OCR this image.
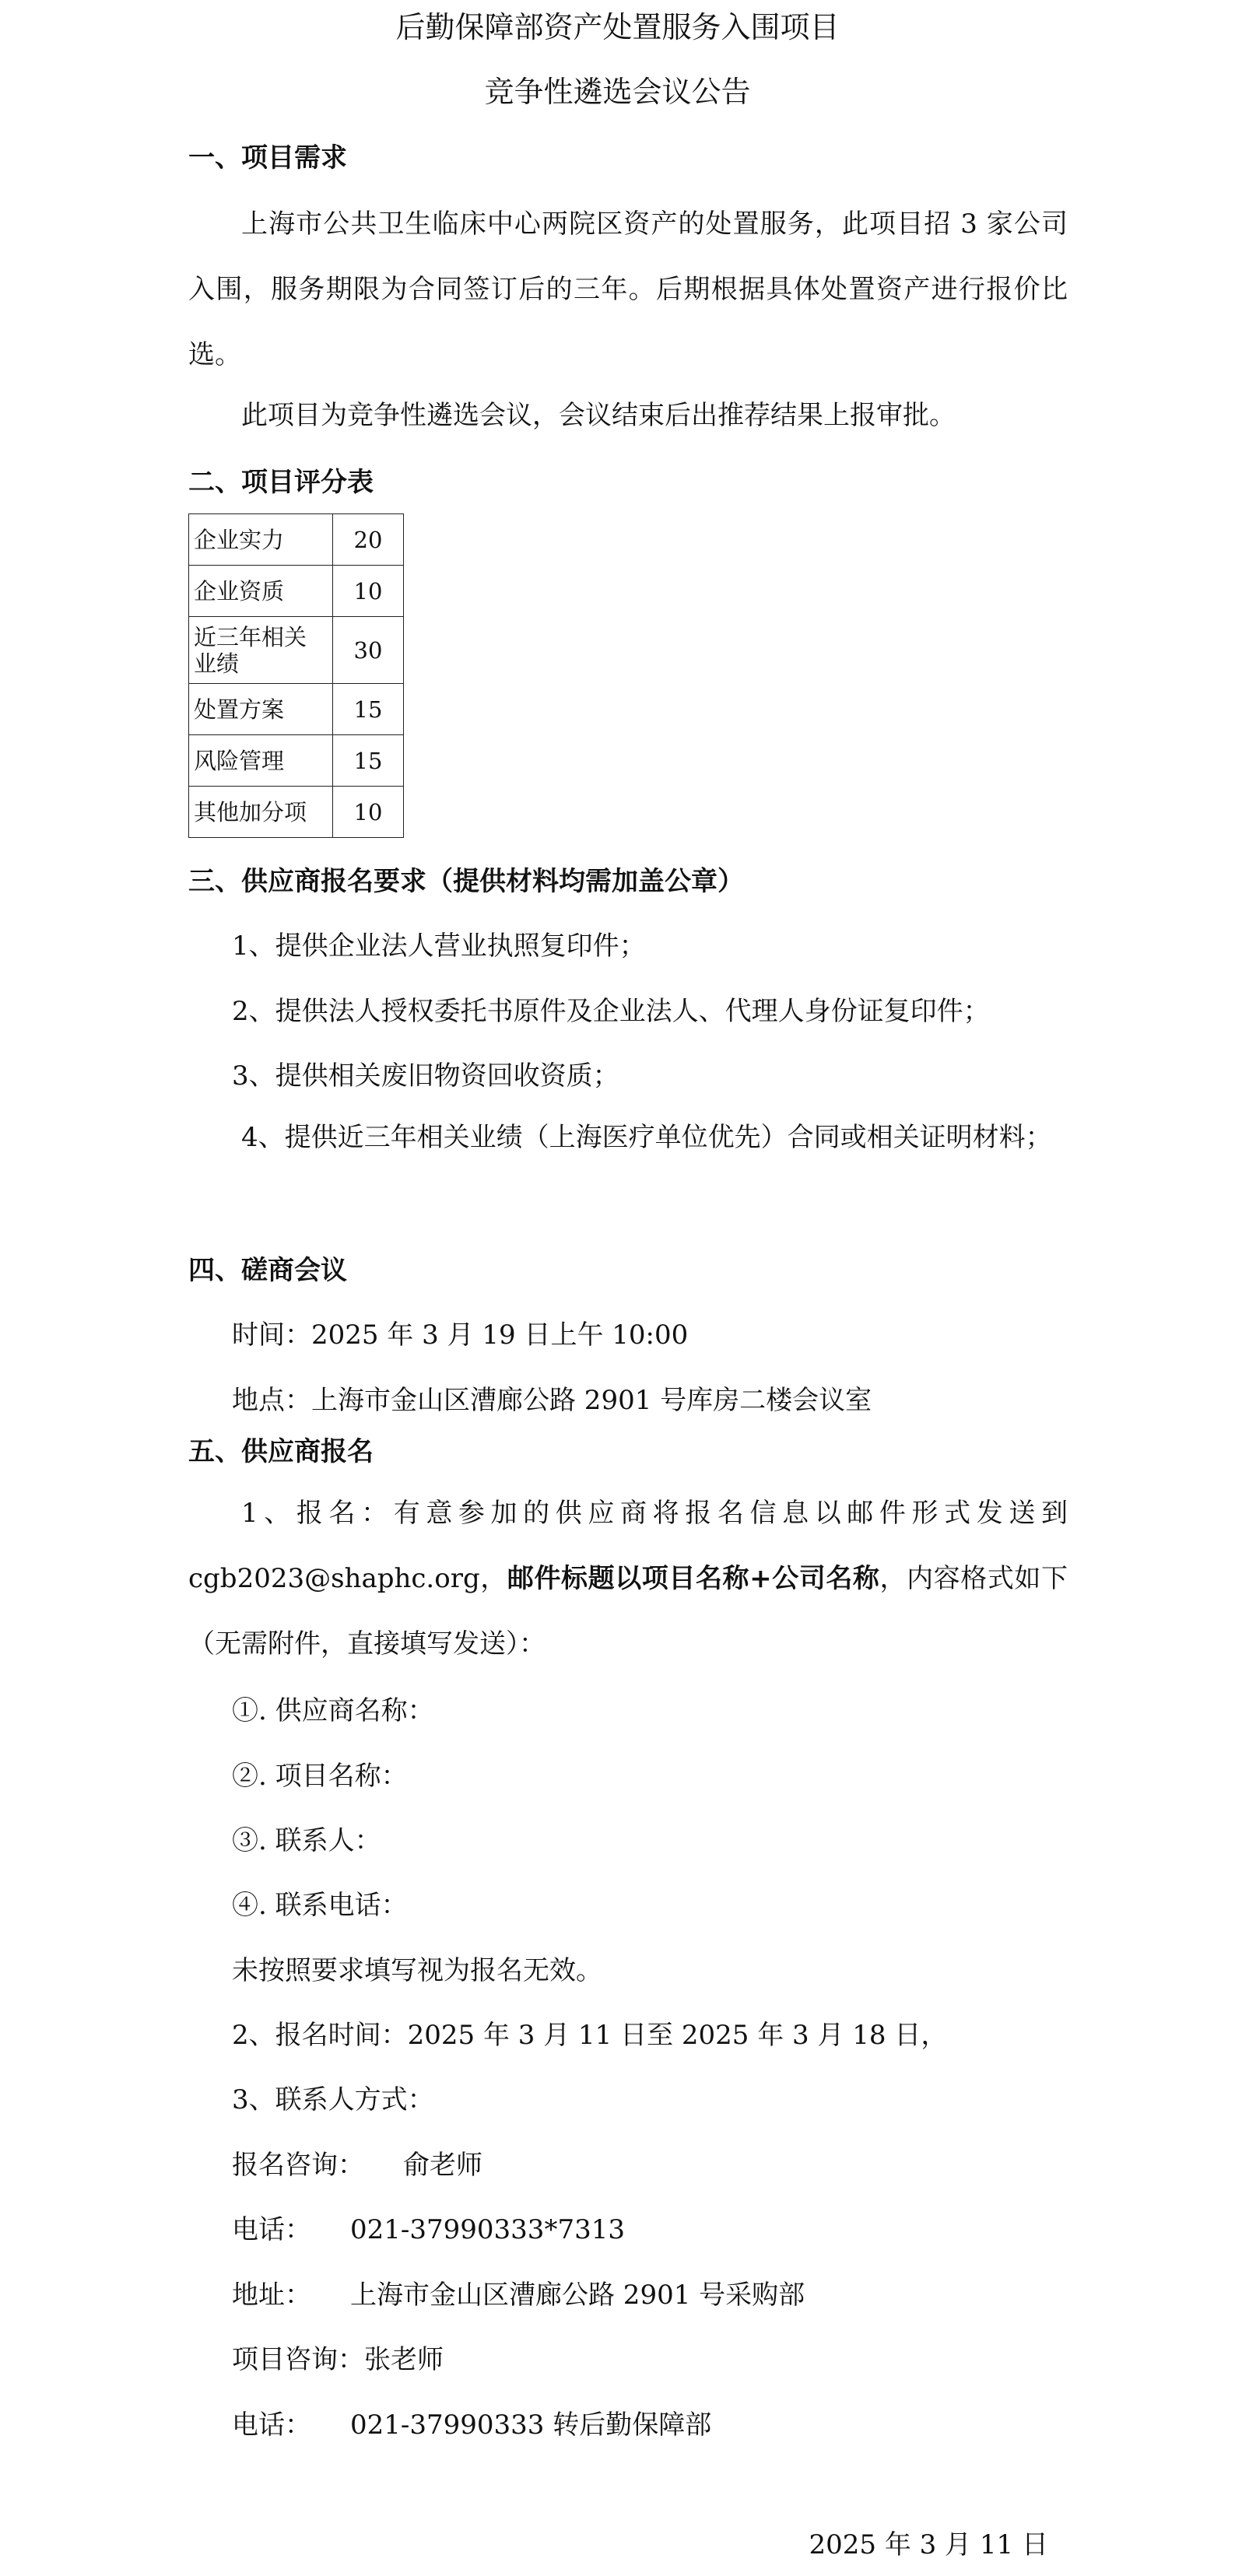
后勤保障部资产处置服务入围项目
竞争性遴选会议公告
一、项目需求
上海市公共卫生临床中心两院区资产的处置服务，此项目招 3 家公司入围，服务期限为合同签订后的三年。后期根据具体处置资产进行报价比选。
此项目为竞争性遴选会议，会议结束后出推荐结果上报审批。
二、项目评分表
企业实力	20
企业资质	10
近三年相关业绩	30
处置方案	15
风险管理	15
其他加分项	10
三、供应商报名要求（提供材料均需加盖公章）
1、提供企业法人营业执照复印件；
2、提供法人授权委托书原件及企业法人、代理人身份证复印件；
3、提供相关废旧物资回收资质；
4、提供近三年相关业绩（上海医疗单位优先）合同或相关证明材料；
四、磋商会议
时间：2025 年 3 月 19 日上午 10:00
地点：上海市金山区漕廊公路 2901 号库房二楼会议室
五、供应商报名
1、报名：有意参加的供应商将报名信息以邮件形式发送到 cgb2023@shaphc.org，邮件标题以项目名称+公司名称，内容格式如下（无需附件，直接填写发送）：
①. 供应商名称：
②. 项目名称：
③. 联系人：
④. 联系电话：
未按照要求填写视为报名无效。
2、报名时间：2025 年 3 月 11 日至 2025 年 3 月 18 日，
3、联系人方式：
报名咨询： 俞老师
电话： 021-37990333*7313
地址： 上海市金山区漕廊公路 2901 号采购部
项目咨询：张老师
电话： 021-37990333 转后勤保障部
2025 年 3 月 11 日
